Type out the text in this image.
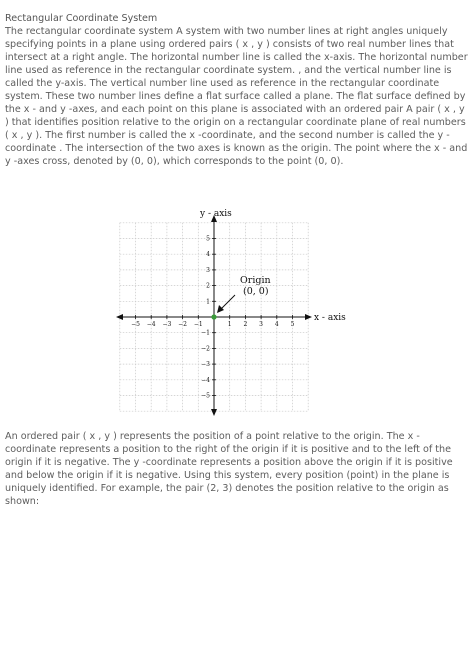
Rectangular Coordinate System

The rectangular coordinate system A system with two number lines at right angles uniquely specifying points in a plane using ordered pairs ( x , y ) consists of two real number lines that intersect at a right angle. The horizontal number line is called the x-axis. The horizontal number line used as reference in the rectangular coordinate system. , and the vertical number line is called the y-axis. The vertical number line used as reference in the rectangular coordinate system. These two number lines define a flat surface called a plane. The flat surface defined by the x - and y -axes, and each point on this plane is associated with an ordered pair A pair ( x , y ) that identifies position relative to the origin on a rectangular coordinate plane of real numbers ( x , y ). The first number is called the x -coordinate, and the second number is called the y -coordinate . The intersection of the two axes is known as the origin. The point where the x - and y -axes cross, denoted by (0, 0), which corresponds to the point (0, 0).

−5 −4 −3 −2 −1	1 2 3 4 5
5
4
3
2
1
−1
−2
−3
−4
−5
y - axis
x - axis
Origin
(0, 0)

An ordered pair ( x , y ) represents the position of a point relative to the origin. The x -coordinate represents a position to the right of the origin if it is positive and to the left of the origin if it is negative. The y -coordinate represents a position above the origin if it is positive and below the origin if it is negative. Using this system, every position (point) in the plane is uniquely identified. For example, the pair (2, 3) denotes the position relative to the origin as shown:
